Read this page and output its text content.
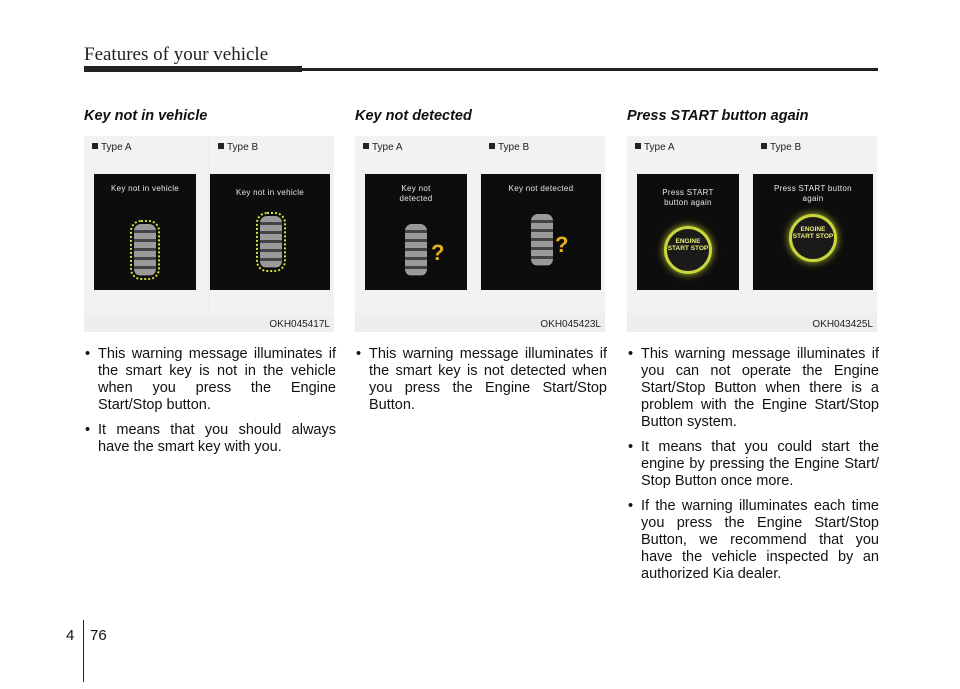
Features of your vehicle
Key not in vehicle
Type A
Key not in vehicle
Type B
Key not in vehicle
OKH045417L
• This warning message illuminates if the smart key is not in the vehicle when you press the Engine Start/Stop button.
• It means that you should always have the smart key with you.
Key not detected
Type A
Key not detected
?
Type B
Key not detected
?
OKH045423L
• This warning message illuminates if the smart key is not detected when you press the Engine Start/Stop Button.
Press START button again
Type A
Press START button again
ENGINE START STOP
Type B
Press START button again
ENGINE START STOP
OKH043425L
• This warning message illuminates if you can not operate the Engine Start/Stop Button when there is a problem with the Engine Start/Stop Button system.
• It means that you could start the engine by pressing the Engine Start/ Stop Button once more.
• If the warning illuminates each time you press the Engine Start/Stop Button, we recommend that you have the vehicle inspected by an authorized Kia dealer.
4 76
